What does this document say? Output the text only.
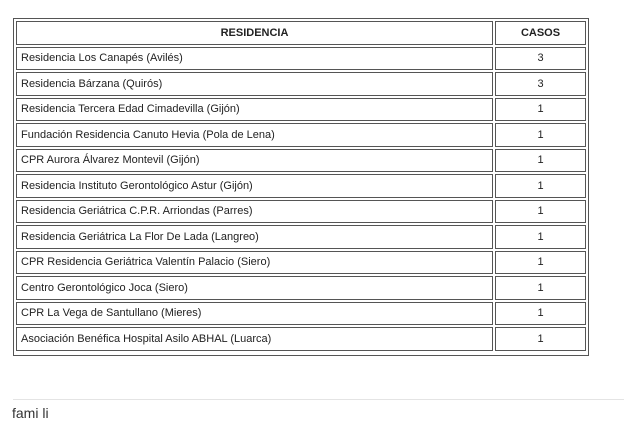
RESIDENCIA	CASOS
Residencia Los Canapés (Avilés)	3
Residencia Bárzana (Quirós)	3
Residencia Tercera Edad Cimadevilla (Gijón)	1
Fundación Residencia Canuto Hevia (Pola de Lena)	1
CPR Aurora Álvarez Montevil (Gijón)	1
Residencia Instituto Gerontológico Astur (Gijón)	1
Residencia Geriátrica C.P.R. Arriondas (Parres)	1
Residencia Geriátrica La Flor De Lada (Langreo)	1
CPR Residencia Geriátrica Valentín Palacio (Siero)	1
Centro Gerontológico Joca (Siero)	1
CPR La Vega de Santullano (Mieres)	1
Asociación Benéfica Hospital Asilo ABHAL (Luarca)	1
fami li
